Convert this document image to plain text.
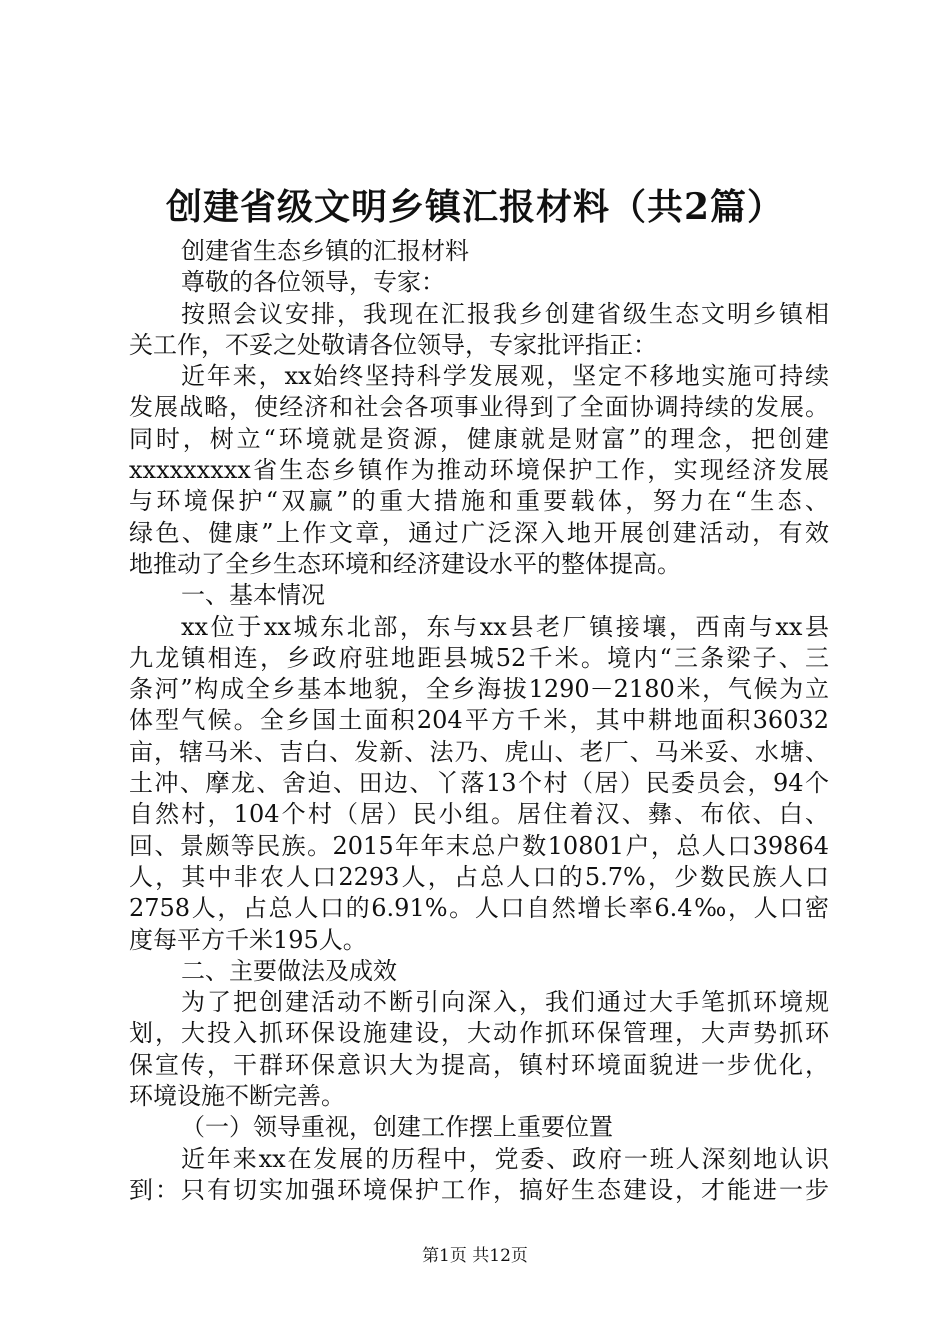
创建省级文明乡镇汇报材料（共2篇）
创建省生态乡镇的汇报材料
尊敬的各位领导，专家：
按照会议安排，我现在汇报我乡创建省级生态文明乡镇相
关工作，不妥之处敬请各位领导，专家批评指正：
近年来，xx始终坚持科学发展观，坚定不移地实施可持续
发展战略，使经济和社会各项事业得到了全面协调持续的发展。
同时，树立“环境就是资源，健康就是财富”的理念，把创建
xxxxxxxxx省生态乡镇作为推动环境保护工作，实现经济发展
与环境保护“双赢”的重大措施和重要载体，努力在“生态、
绿色、健康”上作文章，通过广泛深入地开展创建活动，有效
地推动了全乡生态环境和经济建设水平的整体提高。
一、基本情况
xx位于xx城东北部，东与xx县老厂镇接壤，西南与xx县
九龙镇相连，乡政府驻地距县城52千米。境内“三条梁子、三
条河”构成全乡基本地貌，全乡海拔1290－2180米，气候为立
体型气候。全乡国土面积204平方千米，其中耕地面积36032
亩，辖马米、吉白、发新、法乃、虎山、老厂、马米妥、水塘、
土冲、摩龙、舍迫、田边、丫落13个村（居）民委员会，94个
自然村，104个村（居）民小组。居住着汉、彝、布依、白、
回、景颇等民族。2015年年末总户数10801户，总人口39864
人，其中非农人口2293人，占总人口的5.7%，少数民族人口
2758人，占总人口的6.91%。人口自然增长率6.4‰，人口密
度每平方千米195人。
二、主要做法及成效
为了把创建活动不断引向深入，我们通过大手笔抓环境规
划，大投入抓环保设施建设，大动作抓环保管理，大声势抓环
保宣传，干群环保意识大为提高，镇村环境面貌进一步优化，
环境设施不断完善。
（一）领导重视，创建工作摆上重要位置
近年来xx在发展的历程中，党委、政府一班人深刻地认识
到：只有切实加强环境保护工作，搞好生态建设，才能进一步
第1页 共12页
